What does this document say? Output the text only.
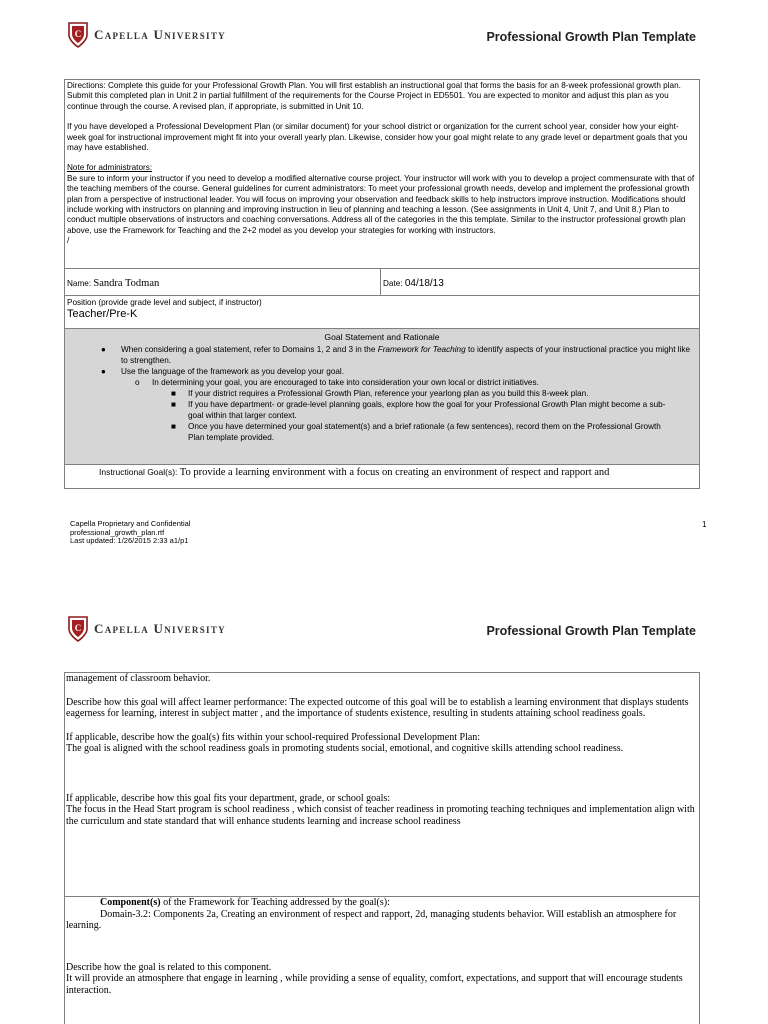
C Capella University	Professional Growth Plan Template

Directions: Complete this guide for your Professional Growth Plan. You will first establish an instructional goal that forms the basis for an 8-week professional growth plan. Submit this completed plan in Unit 2 in partial fulfillment of the requirements for the Course Project in ED5501. You are expected to monitor and adjust this plan as you continue through the course. A revised plan, if appropriate, is submitted in Unit 10.

If you have developed a Professional Development Plan (or similar document) for your school district or organization for the current school year, consider how your eight-week goal for instructional improvement might fit into your overall yearly plan. Likewise, consider how your goal might relate to any grade level or department goals that you may have established.

Note for administrators:

Be sure to inform your instructor if you need to develop a modified alternative course project. Your instructor will work with you to develop a project commensurate with that of the teaching members of the course. General guidelines for current administrators: To meet your professional growth needs, develop and implement the professional growth plan from a perspective of instructional leader. You will focus on improving your observation and feedback skills to help instructors improve instruction. Modifications should include working with instructors on planning and improving instruction in lieu of planning and teaching a lesson. (See assignments in Unit 4, Unit 7, and Unit 8.) Plan to conduct multiple observations of instructors and coaching conversations. Address all of the categories in the this template. Similar to the instructor professional growth plan above, use the Framework for Teaching and the 2+2 model as you develop your strategies for working with instructors.

/

Name: Sandra Todman	Date: 04/18/13
Position (provide grade level and subject, if instructor)
Teacher/Pre-K
Goal Statement and Rationale
● When considering a goal statement, refer to Domains 1, 2 and 3 in the Framework for Teaching to identify aspects of your instructional practice you might like to strengthen.
● Use the language of the framework as you develop your goal.
o In determining your goal, you are encouraged to take into consideration your own local or district initiatives.
■ If your district requires a Professional Growth Plan, reference your yearlong plan as you build this 8-week plan.
■ If you have department- or grade-level planning goals, explore how the goal for your Professional Growth Plan might become a sub-goal within that larger context.
■ Once you have determined your goal statement(s) and a brief rationale (a few sentences), record them on the Professional Growth Plan template provided.
Instructional Goal(s): To provide a learning environment with a focus on creating an environment of respect and rapport and
Capella Proprietary and Confidential
professional_growth_plan.rtf
Last updated: 1/26/2015 2:33 a1/p1
1
C Capella University	Professional Growth Plan Template

management of classroom behavior.

Describe how this goal will affect learner performance: The expected outcome of this goal will be to establish a learning environment that displays students eagerness for learning, interest in subject matter , and the importance of students existence, resulting in students attaining school readiness goals.

If applicable, describe how the goal(s) fits within your school-required Professional Development Plan:

The goal is aligned with the school readiness goals in promoting students social, emotional, and cognitive skills attending school readiness.

If applicable, describe how this goal fits your department, grade, or school goals:

The focus in the Head Start program is school readiness , which consist of teacher readiness in promoting teaching techniques and implementation align with the curriculum and state standard that will enhance students learning and increase school readiness

Component(s) of the Framework for Teaching addressed by the goal(s):

Domain-3.2: Components 2a, Creating an environment of respect and rapport, 2d, managing students behavior. Will establish an atmosphere for learning.

Describe how the goal is related to this component.

It will provide an atmosphere that engage in learning , while providing a sense of equality, comfort, expectations, and support that will encourage students interaction.
